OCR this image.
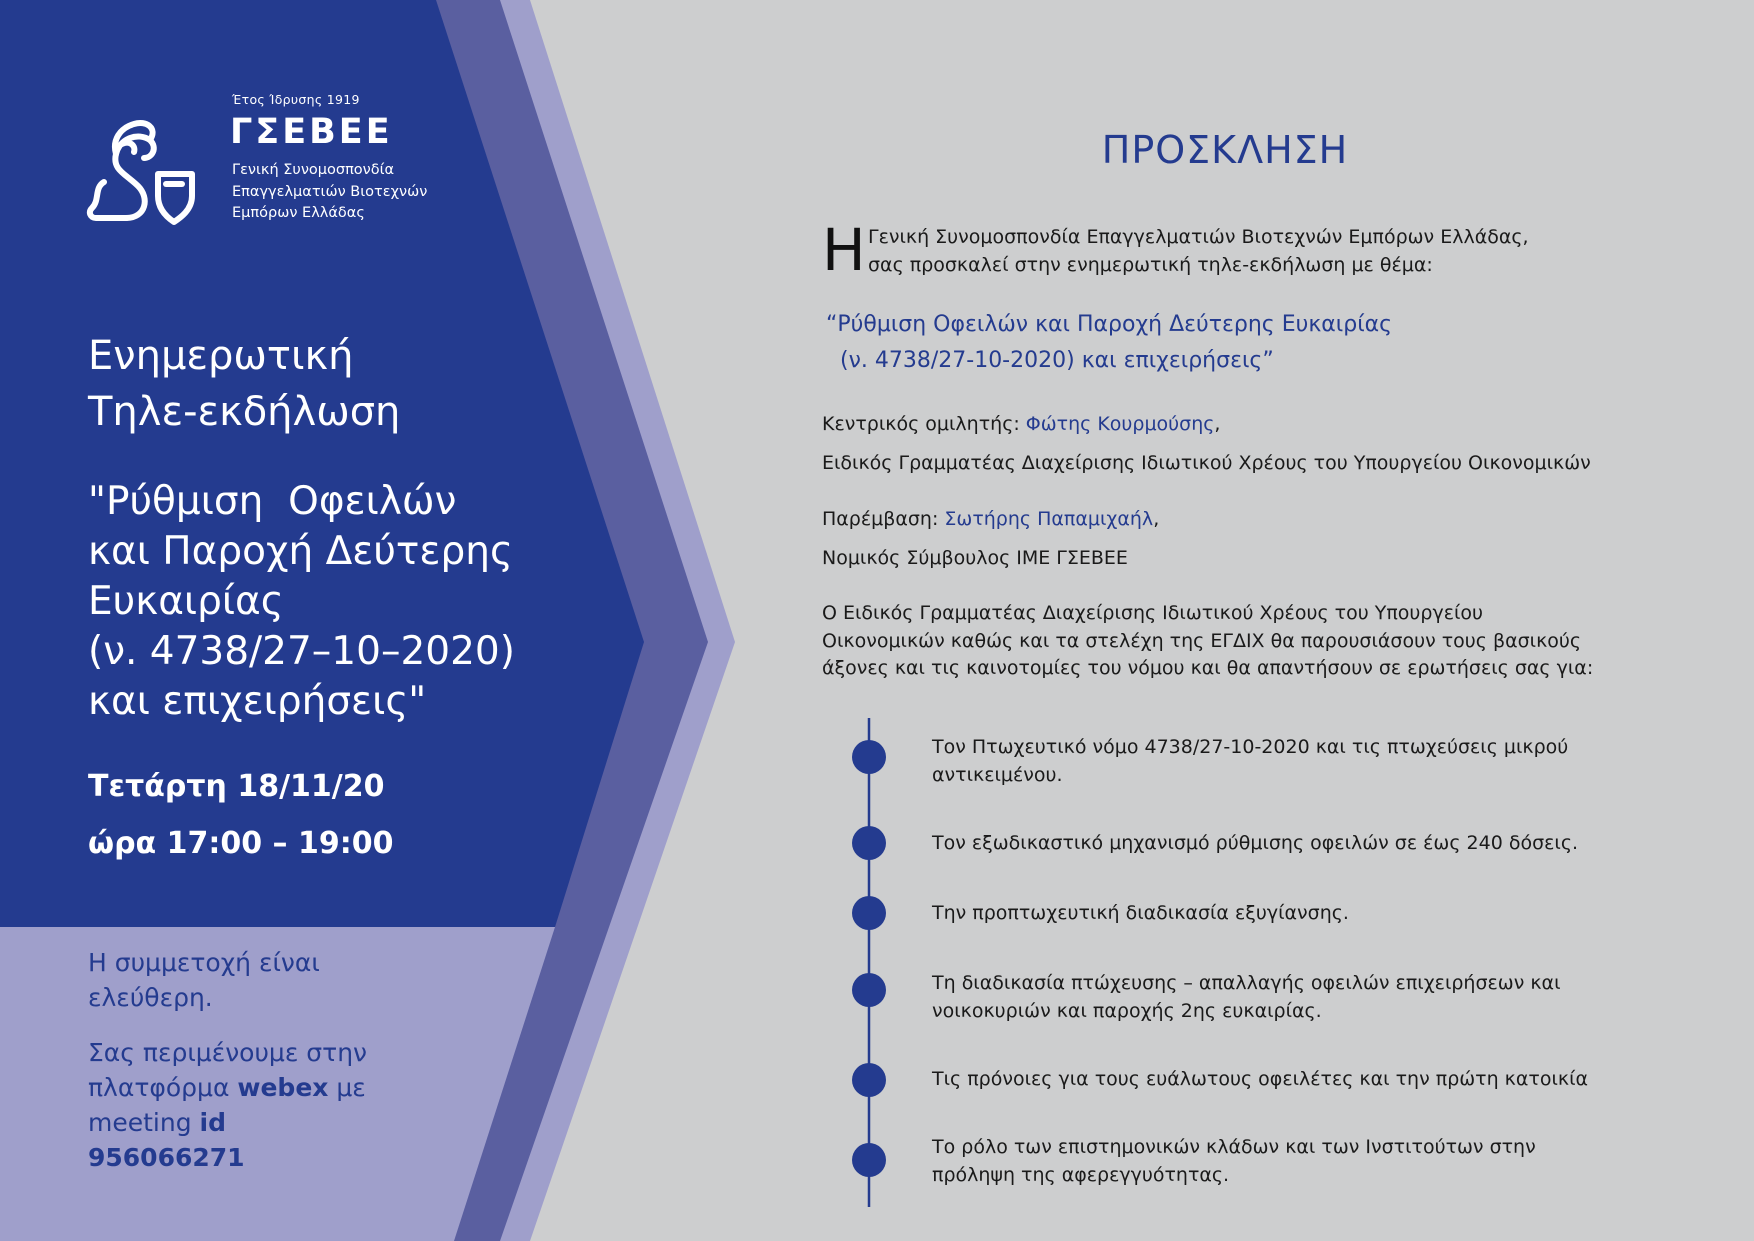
Έτος Ίδρυσης 1919
ΓΣΕΒΕΕ
Γενική Συνομοσπονδία
Επαγγελματιών Βιοτεχνών
Εμπόρων Ελλάδας
Ενημερωτική
Τηλε-εκδήλωση
"Ρύθμιση  Οφειλών
και Παροχή Δεύτερης
Ευκαιρίας
(ν. 4738/27–10–2020)
και επιχειρήσεις"
Τετάρτη 18/11/20
ώρα 17:00 – 19:00
Η συμμετοχή είναι ελεύθερη.
Σας περιμένουμε στην πλατφόρμα webex με meeting id 956066271
ΠΡΟΣΚΛΗΣΗ
Η Γενική Συνομοσπονδία Επαγγελματιών Βιοτεχνών Εμπόρων Ελλάδας,
σας προσκαλεί στην ενημερωτική τηλε-εκδήλωση με θέμα:
“Ρύθμιση Οφειλών και Παροχή Δεύτερης Ευκαιρίας
(ν. 4738/27-10-2020) και επιχειρήσεις”
Κεντρικός ομιλητής: Φώτης Κουρμούσης,
Ειδικός Γραμματέας Διαχείρισης Ιδιωτικού Χρέους του Υπουργείου Οικονομικών
Παρέμβαση: Σωτήρης Παπαμιχαήλ,
Νομικός Σύμβουλος ΙΜΕ ΓΣΕΒΕΕ
Ο Ειδικός Γραμματέας Διαχείρισης Ιδιωτικού Χρέους του Υπουργείου
Οικονομικών καθώς και τα στελέχη της ΕΓΔΙΧ θα παρουσιάσουν τους βασικούς
άξονες και τις καινοτομίες του νόμου και θα απαντήσουν σε ερωτήσεις σας για:
Τον Πτωχευτικό νόμο 4738/27-10-2020 και τις πτωχεύσεις μικρού
αντικειμένου.
Τον εξωδικαστικό μηχανισμό ρύθμισης οφειλών σε έως 240 δόσεις.
Την προπτωχευτική διαδικασία εξυγίανσης.
Τη διαδικασία πτώχευσης – απαλλαγής οφειλών επιχειρήσεων και
νοικοκυριών και παροχής 2ης ευκαιρίας.
Τις πρόνοιες για τους ευάλωτους οφειλέτες και την πρώτη κατοικία
Το ρόλο των επιστημονικών κλάδων και των Ινστιτούτων στην
πρόληψη της αφερεγγυότητας.
